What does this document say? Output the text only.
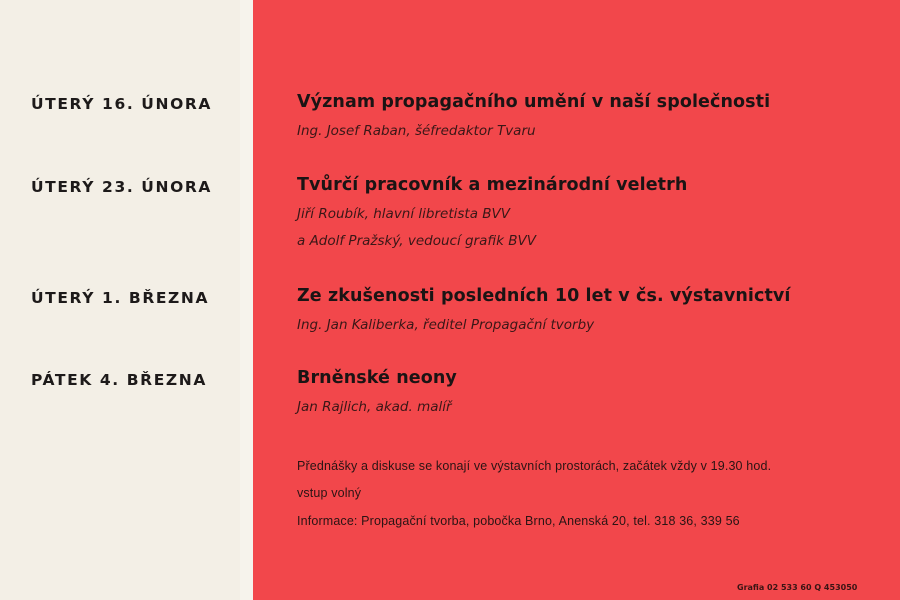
ÚTERÝ 16. ÚNORA	Význam propagačního umění v naší společnosti
Ing. Josef Raban, šéfredaktor Tvaru
ÚTERÝ 23. ÚNORA	Tvůrčí pracovník a mezinárodní veletrh
Jiří Roubík, hlavní libretista BVV
a Adolf Pražský, vedoucí grafik BVV
ÚTERÝ 1. BŘEZNA	Ze zkušenosti posledních 10 let v čs. výstavnictví
Ing. Jan Kaliberka, ředitel Propagační tvorby
PÁTEK 4. BŘEZNA	Brněnské neony
Jan Rajlich, akad. malíř
Přednášky a diskuse se konají ve výstavních prostorách, začátek vždy v 19.30 hod.
vstup volný
Informace: Propagační tvorba, pobočka Brno, Anenská 20, tel. 318 36, 339 56
Grafia 02 533 60 Q 453050
